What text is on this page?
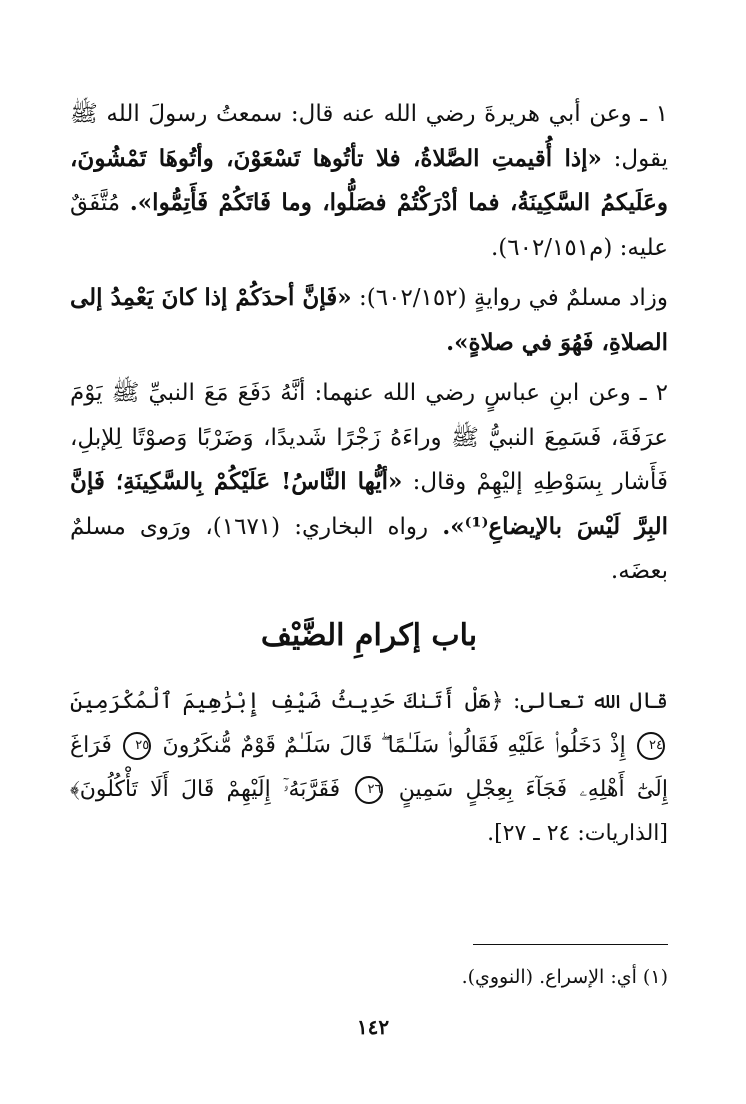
١ ـ وعن أبي هريرةَ رضي الله عنه قال: سمعتُ رسولَ الله ﷺ يقول: «إذا أُقيمتِ الصَّلاةُ، فلا تأتُوها تَسْعَوْنَ، وأتُوهَا تَمْشُونَ، وعَلَيكمُ السَّكِينَةُ، فما أدْرَكْتُمْ فصَلُّوا، وما فَاتَكُمْ فَأَتِمُّوا». مُتَّفَقٌ عليه: (م٦٠٢/١٥١).

وزاد مسلمٌ في روايةٍ (٦٠٢/١٥٢): «فَإنَّ أحدَكُمْ إذا كانَ يَعْمِدُ إلى الصلاةِ، فَهُوَ في صلاةٍ».

٢ ـ وعن ابنِ عباسٍ رضي الله عنهما: أنَّهُ دَفَعَ مَعَ النبيِّ ﷺ يَوْمَ عرَفَةَ، فَسَمِعَ النبيُّ ﷺ وراءَهُ زَجْرًا شَديدًا، وَضَرْبًا وَصوْتًا لِلإبلِ، فَأَشار بِسَوْطِهِ إليْهِمْ وقال: «أيُّها النَّاسُ! عَلَيْكُمْ بِالسَّكِينَةِ؛ فَإنَّ البِرَّ لَيْسَ بالإيضاعِ⁽¹⁾». رواه البخاري: (١٦٧١)، ورَوى مسلمٌ بعضَه.

باب إكرامِ الضَّيْف

قال الله تعالى: ﴿هَلْ أَتَىٰكَ حَدِيثُ ضَيْفِ إِبْرَٰهِيمَ ٱلْمُكْرَمِينَ ٢٤ إِذْ دَخَلُوا۟ عَلَيْهِ فَقَالُوا۟ سَلَـٰمًا ۖ قَالَ سَلَـٰمٌ قَوْمٌ مُّنكَرُونَ ٢٥ فَرَاغَ إِلَىٰٓ أَهْلِهِۦ فَجَآءَ بِعِجْلٍ سَمِينٍ ٢٦ فَقَرَّبَهُۥٓ إِلَيْهِمْ قَالَ أَلَا تَأْكُلُونَ﴾ [الذاريات: ٢٤ ـ ٢٧].

(١) أي: الإسراع. (النووي).

١٤٢
